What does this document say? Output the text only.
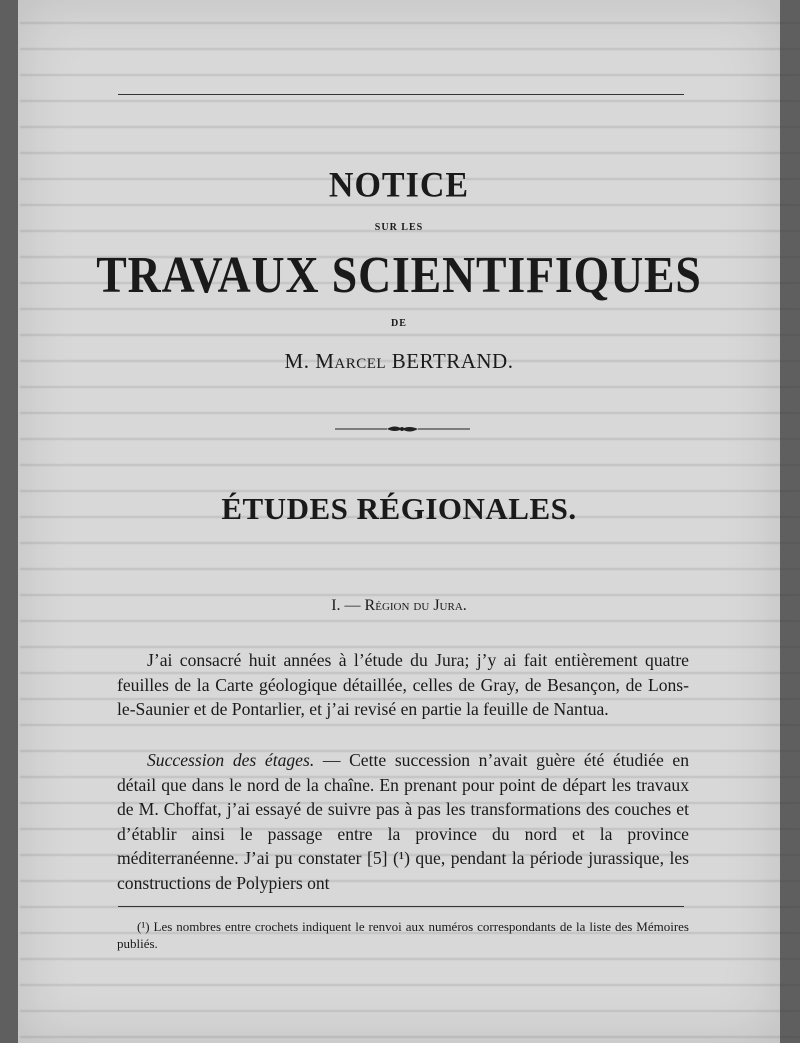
NOTICE
SUR LES
TRAVAUX SCIENTIFIQUES
DE
M. Marcel BERTRAND.
ÉTUDES RÉGIONALES.
I. — Région du Jura.
J’ai consacré huit années à l’étude du Jura; j’y ai fait entièrement quatre feuilles de la Carte géologique détaillée, celles de Gray, de Besançon, de Lons-le-Saunier et de Pontarlier, et j’ai revisé en partie la feuille de Nantua.
Succession des étages. — Cette succession n’avait guère été étudiée en détail que dans le nord de la chaîne. En prenant pour point de départ les travaux de M. Choffat, j’ai essayé de suivre pas à pas les transformations des couches et d’établir ainsi le passage entre la province du nord et la province méditerranéenne. J’ai pu constater [5] (¹) que, pendant la période jurassique, les constructions de Polypiers ont
(¹) Les nombres entre crochets indiquent le renvoi aux numéros correspondants de la liste des Mémoires publiés.
